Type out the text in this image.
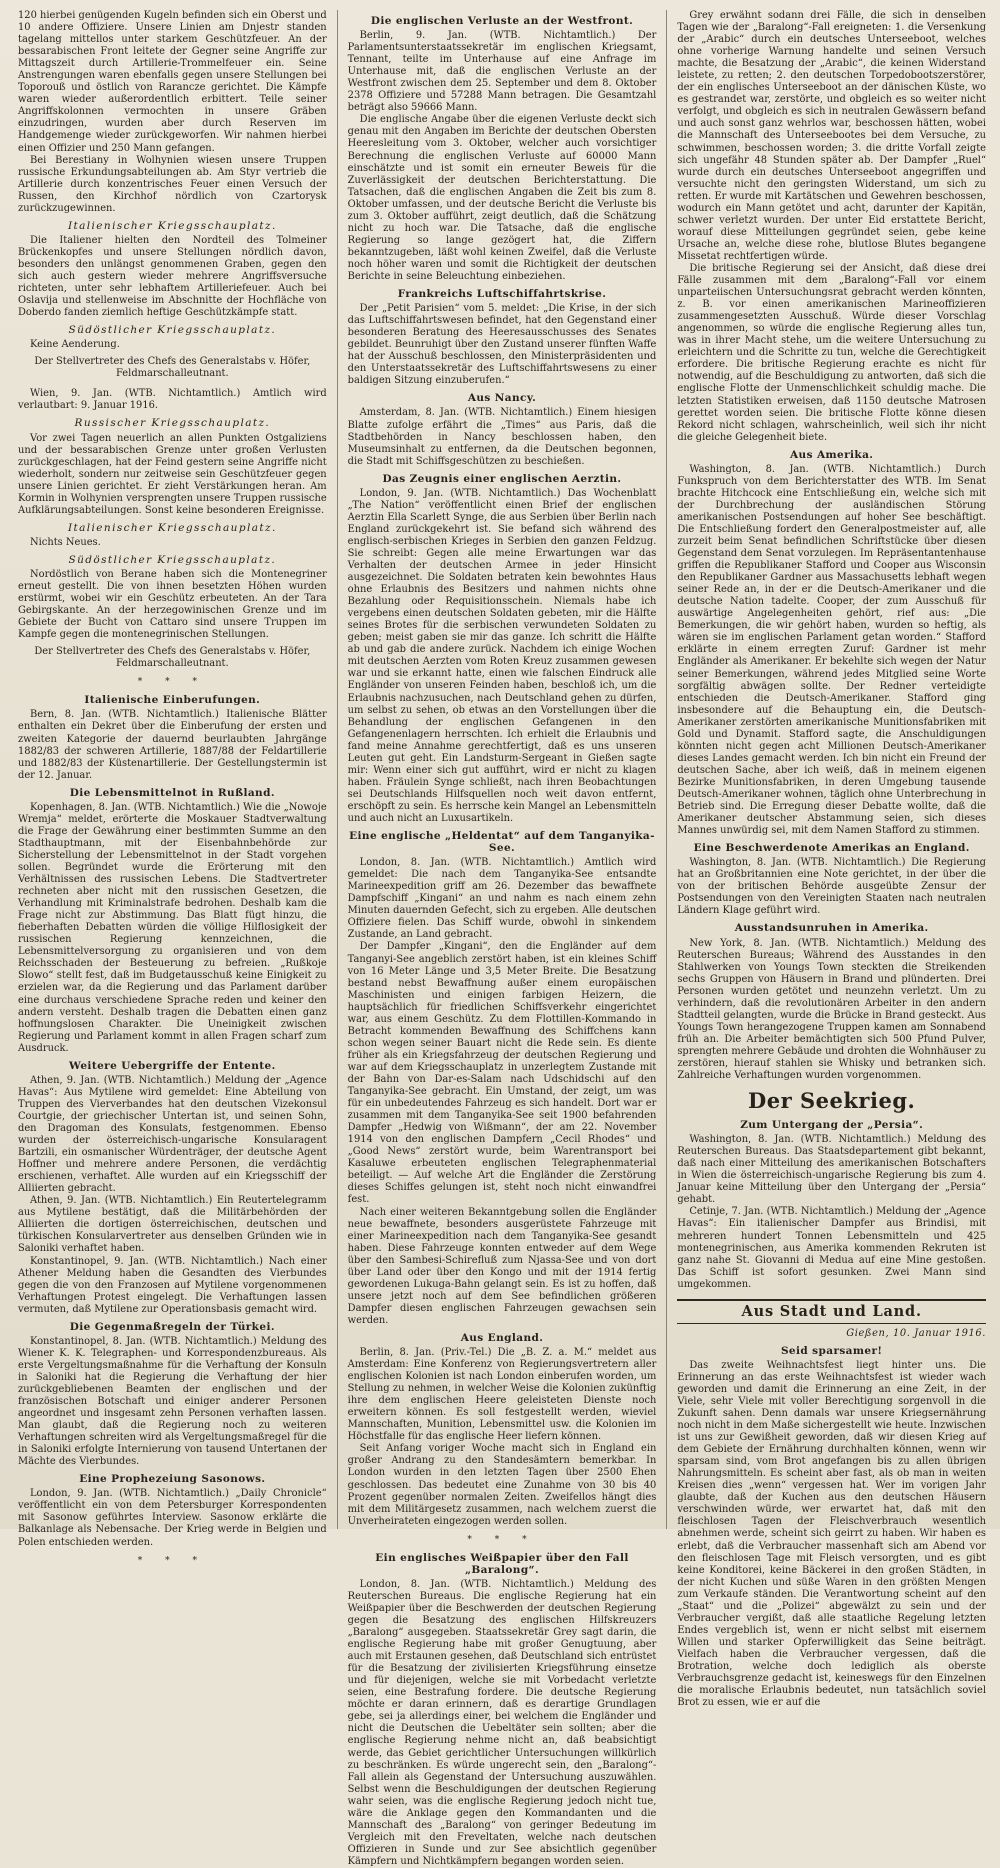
120 hierbei genügenden Kugeln befinden sich ein Oberst und 10 andere Offiziere. Unsere Linien am Dnjestr standen tagelang mittellos unter starkem Geschützfeuer. An der bessarabischen Front leitete der Gegner seine Angriffe zur Mittagszeit durch Artillerie-Trommelfeuer ein. Seine Anstrengungen waren ebenfalls gegen unsere Stellungen bei Toporouß und östlich von Rarancze gerichtet. Die Kämpfe waren wieder außerordentlich erbittert. Teile seiner Angriffskolonnen vermochten in unsere Gräben einzudringen, wurden aber durch Reserven im Handgemenge wieder zurückgeworfen. Wir nahmen hierbei einen Offizier und 250 Mann gefangen.

Bei Berestiany in Wolhynien wiesen unsere Truppen russische Erkundungsabteilungen ab. Am Styr vertrieb die Artillerie durch konzentrisches Feuer einen Versuch der Russen, den Kirchhof nördlich von Czartorysk zurückzugewinnen.

Italienischer Kriegsschauplatz.

Die Italiener hielten den Nordteil des Tolmeiner Brückenkopfes und unsere Stellungen nördlich davon, besonders den unlängst genommenen Graben, gegen den sich auch gestern wieder mehrere Angriffsversuche richteten, unter sehr lebhaftem Artilleriefeuer. Auch bei Oslavija und stellenweise im Abschnitte der Hochfläche von Doberdo fanden ziemlich heftige Geschützkämpfe statt.

Südöstlicher Kriegsschauplatz.

Keine Aenderung.

Der Stellvertreter des Chefs des Generalstabs v. Höfer, Feldmarschalleutnant.

Wien, 9. Jan. (WTB. Nichtamtlich.) Amtlich wird verlautbart: 9. Januar 1916.

Russischer Kriegsschauplatz.

Vor zwei Tagen neuerlich an allen Punkten Ostgaliziens und der bessarabischen Grenze unter großen Verlusten zurückgeschlagen, hat der Feind gestern seine Angriffe nicht wiederholt, sondern nur zeitweise sein Geschützfeuer gegen unsere Linien gerichtet. Er zieht Verstärkungen heran. Am Kormin in Wolhynien versprengten unsere Truppen russische Aufklärungsabteilungen. Sonst keine besonderen Ereignisse.

Italienischer Kriegsschauplatz.

Nichts Neues.

Südöstlicher Kriegsschauplatz.

Nordöstlich von Berane haben sich die Montenegriner erneut gestellt. Die von ihnen besetzten Höhen wurden erstürmt, wobei wir ein Geschütz erbeuteten. An der Tara Gebirgskante. An der herzegowinischen Grenze und im Gebiete der Bucht von Cattaro sind unsere Truppen im Kampfe gegen die montenegrinischen Stellungen.

Der Stellvertreter des Chefs des Generalstabs v. Höfer, Feldmarschalleutnant.

* * *

Italienische Einberufungen.

Bern, 8. Jan. (WTB. Nichtamtlich.) Italienische Blätter enthalten ein Dekret über die Einberufung der ersten und zweiten Kategorie der dauernd beurlaubten Jahrgänge 1882/83 der schweren Artillerie, 1887/88 der Feldartillerie und 1882/83 der Küstenartillerie. Der Gestellungstermin ist der 12. Januar.

Die Lebensmittelnot in Rußland.

Kopenhagen, 8. Jan. (WTB. Nichtamtlich.) Wie die „Nowoje Wremja“ meldet, erörterte die Moskauer Stadtverwaltung die Frage der Gewährung einer bestimmten Summe an den Stadthauptmann, mit der Eisenbahnbehörde zur Sicherstellung der Lebensmittelnot in der Stadt vorgehen sollen. Begründet wurde die Erörterung mit den Verhältnissen des russischen Lebens. Die Stadtvertreter rechneten aber nicht mit den russischen Gesetzen, die Verhandlung mit Kriminalstrafe bedrohen. Deshalb kam die Frage nicht zur Abstimmung. Das Blatt fügt hinzu, die fieberhaften Debatten würden die völlige Hilflosigkeit der russischen Regierung kennzeichnen, die Lebensmittelversorgung zu organisieren und von dem Reichsschaden der Besteuerung zu befreien. „Rußkoje Slowo“ stellt fest, daß im Budgetausschuß keine Einigkeit zu erzielen war, da die Regierung und das Parlament darüber eine durchaus verschiedene Sprache reden und keiner den andern versteht. Deshalb tragen die Debatten einen ganz hoffnungslosen Charakter. Die Uneinigkeit zwischen Regierung und Parlament kommt in allen Fragen scharf zum Ausdruck.

Weitere Uebergriffe der Entente.

Athen, 9. Jan. (WTB. Nichtamtlich.) Meldung der „Agence Havas“: Aus Mytilene wird gemeldet: Eine Abteilung von Truppen des Vierverbandes hat den deutschen Vizekonsul Courtgie, der griechischer Untertan ist, und seinen Sohn, den Dragoman des Konsulats, festgenommen. Ebenso wurden der österreichisch-ungarische Konsularagent Bartzili, ein osmanischer Würdenträger, der deutsche Agent Hoffner und mehrere andere Personen, die verdächtig erschienen, verhaftet. Alle wurden auf ein Kriegsschiff der Alliierten gebracht.

Athen, 9. Jan. (WTB. Nichtamtlich.) Ein Reutertelegramm aus Mytilene bestätigt, daß die Militärbehörden der Alliierten die dortigen österreichischen, deutschen und türkischen Konsularvertreter aus denselben Gründen wie in Saloniki verhaftet haben.

Konstantinopel, 9. Jan. (WTB. Nichtamtlich.) Nach einer Athener Meldung haben die Gesandten des Vierbundes gegen die von den Franzosen auf Mytilene vorgenommenen Verhaftungen Protest eingelegt. Die Verhaftungen lassen vermuten, daß Mytilene zur Operationsbasis gemacht wird.

Die Gegenmaßregeln der Türkei.

Konstantinopel, 8. Jan. (WTB. Nichtamtlich.) Meldung des Wiener K. K. Telegraphen- und Korrespondenzbureaus. Als erste Vergeltungsmaßnahme für die Verhaftung der Konsuln in Saloniki hat die Regierung die Verhaftung der hier zurückgebliebenen Beamten der englischen und der französischen Botschaft und einiger anderer Personen angeordnet und insgesamt zehn Personen verhaften lassen. Man glaubt, daß die Regierung noch zu weiteren Verhaftungen schreiten wird als Vergeltungsmaßregel für die in Saloniki erfolgte Internierung von tausend Untertanen der Mächte des Vierbundes.

Eine Prophezeiung Sasonows.

London, 9. Jan. (WTB. Nichtamtlich.) „Daily Chronicle“ veröffentlicht ein von dem Petersburger Korrespondenten mit Sasonow geführtes Interview. Sasonow erklärte die Balkanlage als Nebensache. Der Krieg werde in Belgien und Polen entschieden werden.

* * *

Die englischen Verluste an der Westfront.

Berlin, 9. Jan. (WTB. Nichtamtlich.) Der Parlamentsunterstaatssekretär im englischen Kriegsamt, Tennant, teilte im Unterhause auf eine Anfrage im Unterhause mit, daß die englischen Verluste an der Westfront zwischen dem 25. September und dem 8. Oktober 2378 Offiziere und 57288 Mann betragen. Die Gesamtzahl beträgt also 59666 Mann.

Die englische Angabe über die eigenen Verluste deckt sich genau mit den Angaben im Berichte der deutschen Obersten Heeresleitung vom 3. Oktober, welcher auch vorsichtiger Berechnung die englischen Verluste auf 60000 Mann einschätzte und ist somit ein erneuter Beweis für die Zuverlässigkeit der deutschen Berichterstattung. Die Tatsachen, daß die englischen Angaben die Zeit bis zum 8. Oktober umfassen, und der deutsche Bericht die Verluste bis zum 3. Oktober aufführt, zeigt deutlich, daß die Schätzung nicht zu hoch war. Die Tatsache, daß die englische Regierung so lange gezögert hat, die Ziffern bekanntzugeben, läßt wohl keinen Zweifel, daß die Verluste noch höher waren und somit die Richtigkeit der deutschen Berichte in seine Beleuchtung einbeziehen.

Frankreichs Luftschiffahrtskrise.

Der „Petit Parisien“ vom 5. meldet: „Die Krise, in der sich das Luftschiffahrtswesen befindet, hat den Gegenstand einer besonderen Beratung des Heeresausschusses des Senates gebildet. Beunruhigt über den Zustand unserer fünften Waffe hat der Ausschuß beschlossen, den Ministerpräsidenten und den Unterstaatssekretär des Luftschiffahrtswesens zu einer baldigen Sitzung einzuberufen.“

Aus Nancy.

Amsterdam, 8. Jan. (WTB. Nichtamtlich.) Einem hiesigen Blatte zufolge erfährt die „Times“ aus Paris, daß die Stadtbehörden in Nancy beschlossen haben, den Museumsinhalt zu entfernen, da die Deutschen begonnen, die Stadt mit Schiffsgeschützen zu beschießen.

Das Zeugnis einer englischen Aerztin.

London, 9. Jan. (WTB. Nichtamtlich.) Das Wochenblatt „The Nation“ veröffentlicht einen Brief der englischen Aerztin Ella Scarlett Synge, die aus Serbien über Berlin nach England zurückgekehrt ist. Sie befand sich während des englisch-serbischen Krieges in Serbien den ganzen Feldzug. Sie schreibt: Gegen alle meine Erwartungen war das Verhalten der deutschen Armee in jeder Hinsicht ausgezeichnet. Die Soldaten betraten kein bewohntes Haus ohne Erlaubnis des Besitzers und nahmen nichts ohne Bezahlung oder Requisitionsschein. Niemals habe ich vergebens einen deutschen Soldaten gebeten, mir die Hälfte seines Brotes für die serbischen verwundeten Soldaten zu geben; meist gaben sie mir das ganze. Ich schritt die Hälfte ab und gab die andere zurück. Nachdem ich einige Wochen mit deutschen Aerzten vom Roten Kreuz zusammen gewesen war und sie erkannt hatte, einen wie falschen Eindruck alle Engländer von unseren Feinden haben, beschloß ich, um die Erlaubnis nachzusuchen, nach Deutschland gehen zu dürfen, um selbst zu sehen, ob etwas an den Vorstellungen über die Behandlung der englischen Gefangenen in den Gefangenenlagern herrschten. Ich erhielt die Erlaubnis und fand meine Annahme gerechtfertigt, daß es uns unseren Leuten gut geht. Ein Landsturm-Sergeant in Gießen sagte mir: Wenn einer sich gut aufführt, wird er nicht zu klagen haben. Fräulein Synge schließt, nach ihren Beobachtungen sei Deutschlands Hilfsquellen noch weit davon entfernt, erschöpft zu sein. Es herrsche kein Mangel an Lebensmitteln und auch nicht an Luxusartikeln.

Eine englische „Heldentat“ auf dem Tanganyika-See.

London, 8. Jan. (WTB. Nichtamtlich.) Amtlich wird gemeldet: Die nach dem Tanganyika-See entsandte Marineexpedition griff am 26. Dezember das bewaffnete Dampfschiff „Kingani“ an und nahm es nach einem zehn Minuten dauernden Gefecht, sich zu ergeben. Alle deutschen Offiziere fielen. Das Schiff wurde, obwohl in sinkendem Zustande, an Land gebracht.

Der Dampfer „Kingani“, den die Engländer auf dem Tanganyi-See angeblich zerstört haben, ist ein kleines Schiff von 16 Meter Länge und 3,5 Meter Breite. Die Besatzung bestand nebst Bewaffnung außer einem europäischen Maschinisten und einigen farbigen Heizern, die hauptsächlich für friedlichen Schiffsverkehr eingerichtet war, aus einem Geschütz. Zu dem Flottillen-Kommando in Betracht kommenden Bewaffnung des Schiffchens kann schon wegen seiner Bauart nicht die Rede sein. Es diente früher als ein Kriegsfahrzeug der deutschen Regierung und war auf dem Kriegsschauplatz in unzerlegtem Zustande mit der Bahn von Dar-es-Salam nach Udschidschi auf den Tanganyika-See gebracht. Ein Umstand, der zeigt, um was für ein unbedeutendes Fahrzeug es sich handelt. Dort war er zusammen mit dem Tanganyika-See seit 1900 befahrenden Dampfer „Hedwig von Wißmann“, der am 22. November 1914 von den englischen Dampfern „Cecil Rhodes“ und „Good News“ zerstört wurde, beim Warentransport bei Kasaluwe erbeuteten englischen Telegraphenmaterial beteiligt. — Auf welche Art die Engländer die Zerstörung dieses Schiffes gelungen ist, steht noch nicht einwandfrei fest.

Nach einer weiteren Bekanntgebung sollen die Engländer neue bewaffnete, besonders ausgerüstete Fahrzeuge mit einer Marineexpedition nach dem Tanganyika-See gesandt haben. Diese Fahrzeuge konnten entweder auf dem Wege über den Sambesi-Schirefluß zum Njassa-See und von dort über Land oder über den Kongo und mit der 1914 fertig gewordenen Lukuga-Bahn gelangt sein. Es ist zu hoffen, daß unsere jetzt noch auf dem See befindlichen größeren Dampfer diesen englischen Fahrzeugen gewachsen sein werden.

Aus England.

Berlin, 8. Jan. (Priv.-Tel.) Die „B. Z. a. M.“ meldet aus Amsterdam: Eine Konferenz von Regierungsvertretern aller englischen Kolonien ist nach London einberufen worden, um Stellung zu nehmen, in welcher Weise die Kolonien zukünftig ihre dem englischen Heere geleisteten Dienste noch erweitern können. Es soll festgestellt werden, wieviel Mannschaften, Munition, Lebensmittel usw. die Kolonien im Höchstfalle für das englische Heer liefern können.

Seit Anfang voriger Woche macht sich in England ein großer Andrang zu den Standesämtern bemerkbar. In London wurden in den letzten Tagen über 2500 Ehen geschlossen. Das bedeutet eine Zunahme von 30 bis 40 Prozent gegenüber normalen Zeiten. Zweifellos hängt dies mit dem Militärgesetz zusammen, nach welchem zuerst die Unverheirateten eingezogen werden sollen.

* * *

Ein englisches Weißpapier über den Fall „Baralong“.

London, 8. Jan. (WTB. Nichtamtlich.) Meldung des Reuterschen Bureaus. Die englische Regierung hat ein Weißpapier über die Beschwerden der deutschen Regierung gegen die Besatzung des englischen Hilfskreuzers „Baralong“ ausgegeben. Staatssekretär Grey sagt darin, die englische Regierung habe mit großer Genugtuung, aber auch mit Erstaunen gesehen, daß Deutschland sich entrüstet für die Besatzung der zivilisierten Kriegsführung einsetze und für diejenigen, welche sie mit Vorbedacht verletzte seien, eine Bestrafung fordere. Die deutsche Regierung möchte er daran erinnern, daß es derartige Grundlagen gebe, sei ja allerdings einer, bei welchem die Engländer und nicht die Deutschen die Uebeltäter sein sollten; aber die englische Regierung nehme nicht an, daß beabsichtigt werde, das Gebiet gerichtlicher Untersuchungen willkürlich zu beschränken. Es würde ungerecht sein, den „Baralong“-Fall allein als Gegenstand der Untersuchung auszuwählen. Selbst wenn die Beschuldigungen der deutschen Regierung wahr seien, was die englische Regierung jedoch nicht tue, wäre die Anklage gegen den Kommandanten und die Mannschaft des „Baralong“ von geringer Bedeutung im Vergleich mit den Freveltaten, welche nach deutschen Offizieren in Sunde und zur See absichtlich gegenüber Kämpfern und Nichtkämpfern begangen worden seien.

Grey erwähnt sodann drei Fälle, die sich in denselben Tagen wie der „Baralong“-Fall ereigneten: 1. die Versenkung der „Arabic“ durch ein deutsches Unterseeboot, welches ohne vorherige Warnung handelte und seinen Versuch machte, die Besatzung der „Arabic“, die keinen Widerstand leistete, zu retten; 2. den deutschen Torpedobootszerstörer, der ein englisches Unterseeboot an der dänischen Küste, wo es gestrandet war, zerstörte, und obgleich es so weiter nicht verfolgt, und obgleich es sich in neutralen Gewässern befand und auch sonst ganz wehrlos war, beschossen hätten, wobei die Mannschaft des Unterseebootes bei dem Versuche, zu schwimmen, beschossen worden; 3. die dritte Vorfall zeigte sich ungefähr 48 Stunden später ab. Der Dampfer „Ruel“ wurde durch ein deutsches Unterseeboot angegriffen und versuchte nicht den geringsten Widerstand, um sich zu retten. Er wurde mit Kartätschen und Gewehren beschossen, wodurch ein Mann getötet und acht, darunter der Kapitän, schwer verletzt wurden. Der unter Eid erstattete Bericht, worauf diese Mitteilungen gegründet seien, gebe keine Ursache an, welche diese rohe, blutlose Blutes begangene Missetat rechtfertigen würde.

Die britische Regierung sei der Ansicht, daß diese drei Fälle zusammen mit dem „Baralong“-Fall vor einem unparteiischen Untersuchungsrat gebracht werden könnten, z. B. vor einen amerikanischen Marineoffizieren zusammengesetzten Ausschuß. Würde dieser Vorschlag angenommen, so würde die englische Regierung alles tun, was in ihrer Macht stehe, um die weitere Untersuchung zu erleichtern und die Schritte zu tun, welche die Gerechtigkeit erfordere. Die britische Regierung erachte es nicht für notwendig, auf die Beschuldigung zu antworten, daß sich die englische Flotte der Unmenschlichkeit schuldig mache. Die letzten Statistiken erweisen, daß 1150 deutsche Matrosen gerettet worden seien. Die britische Flotte könne diesen Rekord nicht schlagen, wahrscheinlich, weil sich ihr nicht die gleiche Gelegenheit biete.

Aus Amerika.

Washington, 8. Jan. (WTB. Nichtamtlich.) Durch Funkspruch von dem Berichterstatter des WTB. Im Senat brachte Hitchcock eine Entschließung ein, welche sich mit der Durchbrechung der ausländischen Störung amerikanischen Postsendungen auf hoher See beschäftigt. Die Entschließung fordert den Generalpostmeister auf, alle zurzeit beim Senat befindlichen Schriftstücke über diesen Gegenstand dem Senat vorzulegen. Im Repräsentantenhause griffen die Republikaner Stafford und Cooper aus Wisconsin den Republikaner Gardner aus Massachusetts lebhaft wegen seiner Rede an, in der er die Deutsch-Amerikaner und die deutsche Nation tadelte. Cooper, der zum Ausschuß für auswärtige Angelegenheiten gehört, rief aus: „Die Bemerkungen, die wir gehört haben, wurden so heftig, als wären sie im englischen Parlament getan worden.“ Stafford erklärte in einem erregten Zuruf: Gardner ist mehr Engländer als Amerikaner. Er bekehlte sich wegen der Natur seiner Bemerkungen, während jedes Mitglied seine Worte sorgfältig abwägen sollte. Der Redner verteidigte entschieden die Deutsch-Amerikaner. Stafford ging insbesondere auf die Behauptung ein, die Deutsch-Amerikaner zerstörten amerikanische Munitionsfabriken mit Gold und Dynamit. Stafford sagte, die Anschuldigungen könnten nicht gegen acht Millionen Deutsch-Amerikaner dieses Landes gemacht werden. Ich bin nicht ein Freund der deutschen Sache, aber ich weiß, daß in meinem eigenen Bezirke Munitionsfabriken, in deren Umgebung tausende Deutsch-Amerikaner wohnen, täglich ohne Unterbrechung in Betrieb sind. Die Erregung dieser Debatte wollte, daß die Amerikaner deutscher Abstammung seien, sich dieses Mannes unwürdig sei, mit dem Namen Stafford zu stimmen.

Eine Beschwerdenote Amerikas an England.

Washington, 8. Jan. (WTB. Nichtamtlich.) Die Regierung hat an Großbritannien eine Note gerichtet, in der über die von der britischen Behörde ausgeübte Zensur der Postsendungen von den Vereinigten Staaten nach neutralen Ländern Klage geführt wird.

Ausstandsunruhen in Amerika.

New York, 8. Jan. (WTB. Nichtamtlich.) Meldung des Reuterschen Bureaus; Während des Ausstandes in den Stahlwerken von Youngs Town steckten die Streikenden sechs Gruppen von Häusern in Brand und plünderten. Drei Personen wurden getötet und neunzehn verletzt. Um zu verhindern, daß die revolutionären Arbeiter in den andern Stadtteil gelangten, wurde die Brücke in Brand gesteckt. Aus Youngs Town herangezogene Truppen kamen am Sonnabend früh an. Die Arbeiter bemächtigten sich 500 Pfund Pulver, sprengten mehrere Gebäude und drohten die Wohnhäuser zu zerstören, hierauf stahlen sie Whisky und betranken sich. Zahlreiche Verhaftungen wurden vorgenommen.

Der Seekrieg.
Zum Untergang der „Persia“.

Washington, 8. Jan. (WTB. Nichtamtlich.) Meldung des Reuterschen Bureaus. Das Staatsdepartement gibt bekannt, daß nach einer Mitteilung des amerikanischen Botschafters in Wien die österreichisch-ungarische Regierung bis zum 4. Januar keine Mitteilung über den Untergang der „Persia“ gehabt.

Cetinje, 7. Jan. (WTB. Nichtamtlich.) Meldung der „Agence Havas“: Ein italienischer Dampfer aus Brindisi, mit mehreren hundert Tonnen Lebensmitteln und 425 montenegrinischen, aus Amerika kommenden Rekruten ist ganz nahe St. Giovanni di Medua auf eine Mine gestoßen. Das Schiff ist sofort gesunken. Zwei Mann sind umgekommen.

Aus Stadt und Land.

Gießen, 10. Januar 1916.

Seid sparsamer!

Das zweite Weihnachtsfest liegt hinter uns. Die Erinnerung an das erste Weihnachtsfest ist wieder wach geworden und damit die Erinnerung an eine Zeit, in der Viele, sehr Viele mit voller Berechtigung sorgenvoll in die Zukunft sahen. Denn damals war unsere Kriegsernährung noch nicht in dem Maße sichergestellt wie heute. Inzwischen ist uns zur Gewißheit geworden, daß wir diesen Krieg auf dem Gebiete der Ernährung durchhalten können, wenn wir sparsam sind, vom Brot angefangen bis zu allen übrigen Nahrungsmitteln. Es scheint aber fast, als ob man in weiten Kreisen dies „wenn“ vergessen hat. Wer im vorigen Jahr glaubte, daß der Kuchen aus den deutschen Häusern verschwinden würde, wer erwartet hat, daß mit den fleischlosen Tagen der Fleischverbrauch wesentlich abnehmen werde, scheint sich geirrt zu haben. Wir haben es erlebt, daß die Verbraucher massenhaft sich am Abend vor den fleischlosen Tage mit Fleisch versorgten, und es gibt keine Konditorei, keine Bäckerei in den großen Städten, in der nicht Kuchen und süße Waren in den größten Mengen zum Verkaufe ständen. Die Verantwortung scheint auf den „Staat“ und die „Polizei“ abgewälzt zu sein und der Verbraucher vergißt, daß alle staatliche Regelung letzten Endes vergeblich ist, wenn er nicht selbst mit eisernem Willen und starker Opferwilligkeit das Seine beiträgt. Vielfach haben die Verbraucher vergessen, daß die Brotration, welche doch lediglich als oberste Verbrauchsgrenze gedacht ist, keineswegs für den Einzelnen die moralische Erlaubnis bedeutet, nun tatsächlich soviel Brot zu essen, wie er auf die
